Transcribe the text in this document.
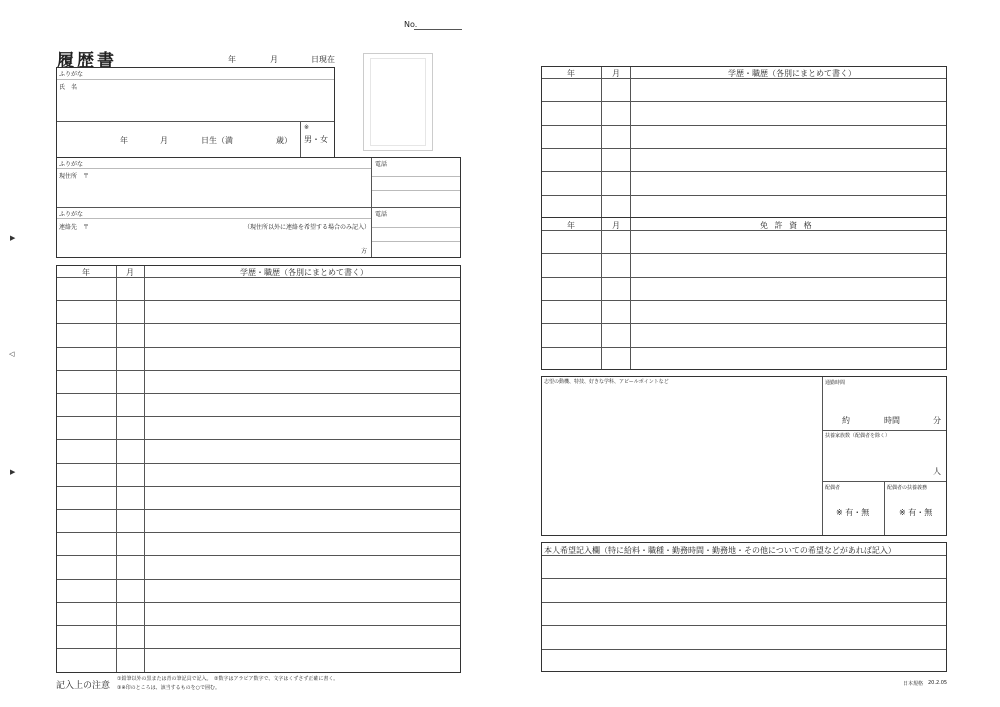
No.
履歴書	年	月	日現在
ふりがな
氏　名
年	月	日生（満	歳）
※
男・女
ふりがな
現住所　〒
電話
ふりがな
連絡先　〒	（現住所以外に連絡を希望する場合のみ記入）
電話
方
年	月	学歴・職歴（各別にまとめて書く）
記入上の注意
①鉛筆以外の黒または青の筆記具で記入。　②数字はアラビア数字で、文字はくずさず正確に書く。
③※印のところは、該当するものを○で囲む。
▶
◁
▶
年	月	学歴・職歴（各別にまとめて書く）
年	月	免 許 資 格
志望の動機、特技、好きな学科、アピールポイントなど	通勤時間
約	時間	分
扶養家族数（配偶者を除く）
人
配偶者
※ 有・無
配偶者の扶養義務
※ 有・無
本人希望記入欄（特に給料・職種・勤務時間・勤務地・その他についての希望などがあれば記入）
日本規格 20.2.05
